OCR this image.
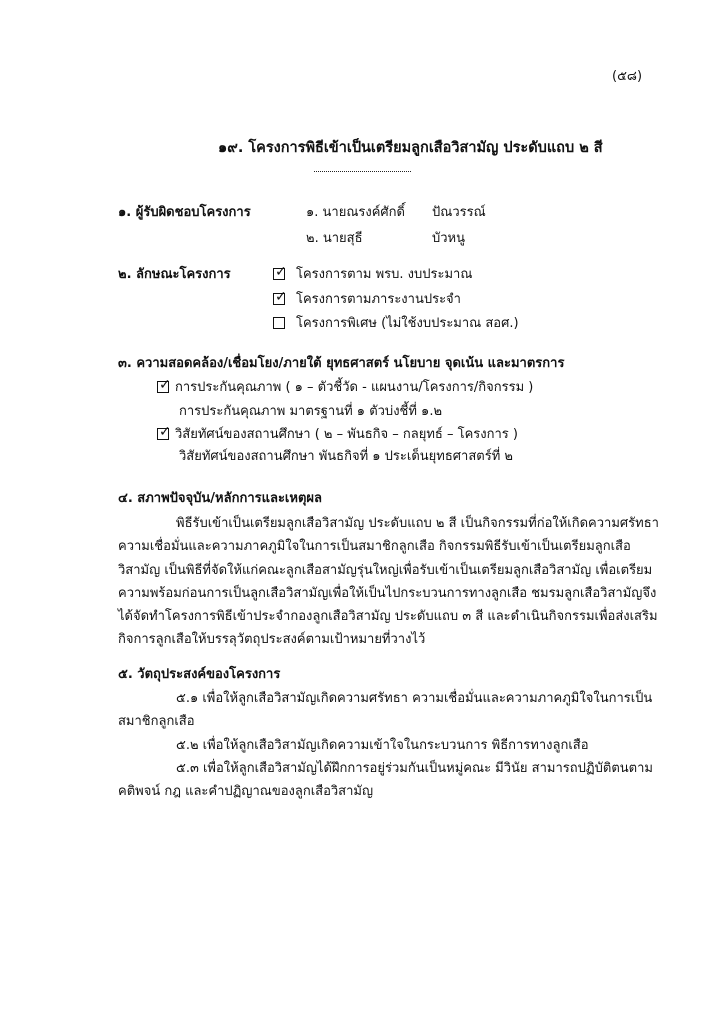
(๕๘)
๑๙. โครงการพิธีเข้าเป็นเตรียมลูกเสือวิสามัญ ประดับแถบ ๒ สี
๑. ผู้รับผิดชอบโครงการ	๑. นายณรงค์ศักดิ์ ปัณวรรณ์
๒. นายสุธี	บัวหนู
๒. ลักษณะโครงการ	✓ โครงการตาม พรบ. งบประมาณ
✓ โครงการตามภาระงานประจำ
โครงการพิเศษ (ไม่ใช้งบประมาณ สอศ.)
๓. ความสอดคล้อง/เชื่อมโยง/ภายใต้ ยุทธศาสตร์ นโยบาย จุดเน้น และมาตรการ
✓ การประกันคุณภาพ ( ๑ – ตัวชี้วัด - แผนงาน/โครงการ/กิจกรรม )
การประกันคุณภาพ มาตรฐานที่ ๑ ตัวบ่งชี้ที่ ๑.๒
✓ วิสัยทัศน์ของสถานศึกษา ( ๒ – พันธกิจ – กลยุทธ์ – โครงการ )
วิสัยทัศน์ของสถานศึกษา พันธกิจที่ ๑ ประเด็นยุทธศาสตร์ที่ ๒
๔. สภาพปัจจุบัน/หลักการและเหตุผล
พิธีรับเข้าเป็นเตรียมลูกเสือวิสามัญ ประดับแถบ ๒ สี เป็นกิจกรรมที่ก่อให้เกิดความศรัทธา
ความเชื่อมั่นและความภาคภูมิใจในการเป็นสมาชิกลูกเสือ กิจกรรมพิธีรับเข้าเป็นเตรียมลูกเสือ
วิสามัญ เป็นพิธีที่จัดให้แก่คณะลูกเสือสามัญรุ่นใหญ่เพื่อรับเข้าเป็นเตรียมลูกเสือวิสามัญ เพื่อเตรียม
ความพร้อมก่อนการเป็นลูกเสือวิสามัญเพื่อให้เป็นไปกระบวนการทางลูกเสือ ชมรมลูกเสือวิสามัญจึง
ได้จัดทำโครงการพิธีเข้าประจำกองลูกเสือวิสามัญ ประดับแถบ ๓ สี และดำเนินกิจกรรมเพื่อส่งเสริม
กิจการลูกเสือให้บรรลุวัตถุประสงค์ตามเป้าหมายที่วางไว้
๕. วัตถุประสงค์ของโครงการ
๕.๑ เพื่อให้ลูกเสือวิสามัญเกิดความศรัทธา ความเชื่อมั่นและความภาคภูมิใจในการเป็น
สมาชิกลูกเสือ
๕.๒ เพื่อให้ลูกเสือวิสามัญเกิดความเข้าใจในกระบวนการ พิธีการทางลูกเสือ
๕.๓ เพื่อให้ลูกเสือวิสามัญได้ฝึกการอยู่ร่วมกันเป็นหมู่คณะ มีวินัย สามารถปฏิบัติตนตาม
คติพจน์ กฎ และคำปฏิญาณของลูกเสือวิสามัญ
